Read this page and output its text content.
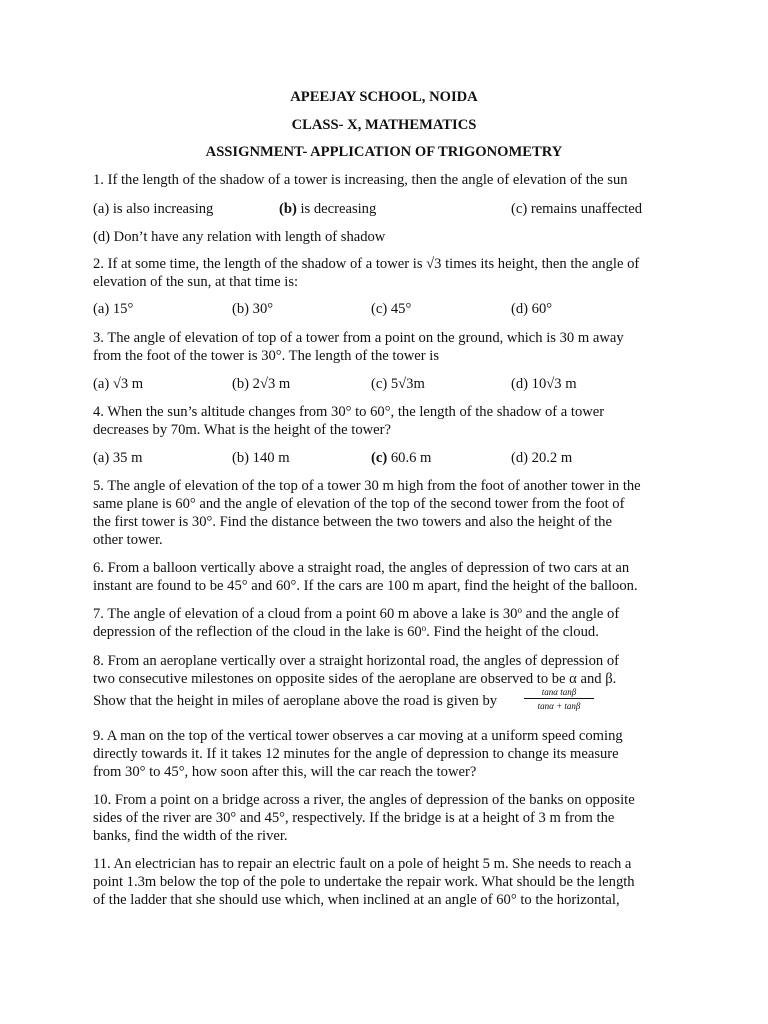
APEEJAY SCHOOL, NOIDA
CLASS- X, MATHEMATICS
ASSIGNMENT- APPLICATION OF TRIGONOMETRY
1. If the length of the shadow of a tower is increasing, then the angle of elevation of the sun
(a) is also increasing	(b) is decreasing	(c) remains unaffected
(d) Don’t have any relation with length of shadow
2. If at some time, the length of the shadow of a tower is √3 times its height, then the angle of
elevation of the sun, at that time is:
(a) 15°	(b) 30°	(c) 45°	(d) 60°
3. The angle of elevation of top of a tower from a point on the ground, which is 30 m away
from the foot of the tower is 30°. The length of the tower is
(a) √3 m	(b) 2√3 m	(c) 5√3m	(d) 10√3 m
4. When the sun’s altitude changes from 30° to 60°, the length of the shadow of a tower
decreases by 70m. What is the height of the tower?
(a) 35 m	(b) 140 m	(c) 60.6 m	(d) 20.2 m
5. The angle of elevation of the top of a tower 30 m high from the foot of another tower in the
same plane is 60° and the angle of elevation of the top of the second tower from the foot of
the first tower is 30°. Find the distance between the two towers and also the height of the
other tower.
6. From a balloon vertically above a straight road, the angles of depression of two cars at an
instant are found to be 45° and 60°. If the cars are 100 m apart, find the height of the balloon.
7. The angle of elevation of a cloud from a point 60 m above a lake is 30$^o$ and the angle of
depression of the reflection of the cloud in the lake is 60$^o$. Find the height of the cloud.
8. From an aeroplane vertically over a straight horizontal road, the angles of depression of
two consecutive milestones on opposite sides of the aeroplane are observed to be α and β.
Show that the height in miles of aeroplane above the road is given by	$\frac{\text{tanα tanβ}}{\tan\alpha + \tan\beta}$
9. A man on the top of the vertical tower observes a car moving at a uniform speed coming
directly towards it. If it takes 12 minutes for the angle of depression to change its measure
from 30° to 45°, how soon after this, will the car reach the tower?
10. From a point on a bridge across a river, the angles of depression of the banks on opposite
sides of the river are 30° and 45°, respectively. If the bridge is at a height of 3 m from the
banks, find the width of the river.
11. An electrician has to repair an electric fault on a pole of height 5 m. She needs to reach a
point 1.3m below the top of the pole to undertake the repair work. What should be the length
of the ladder that she should use which, when inclined at an angle of 60° to the horizontal,
